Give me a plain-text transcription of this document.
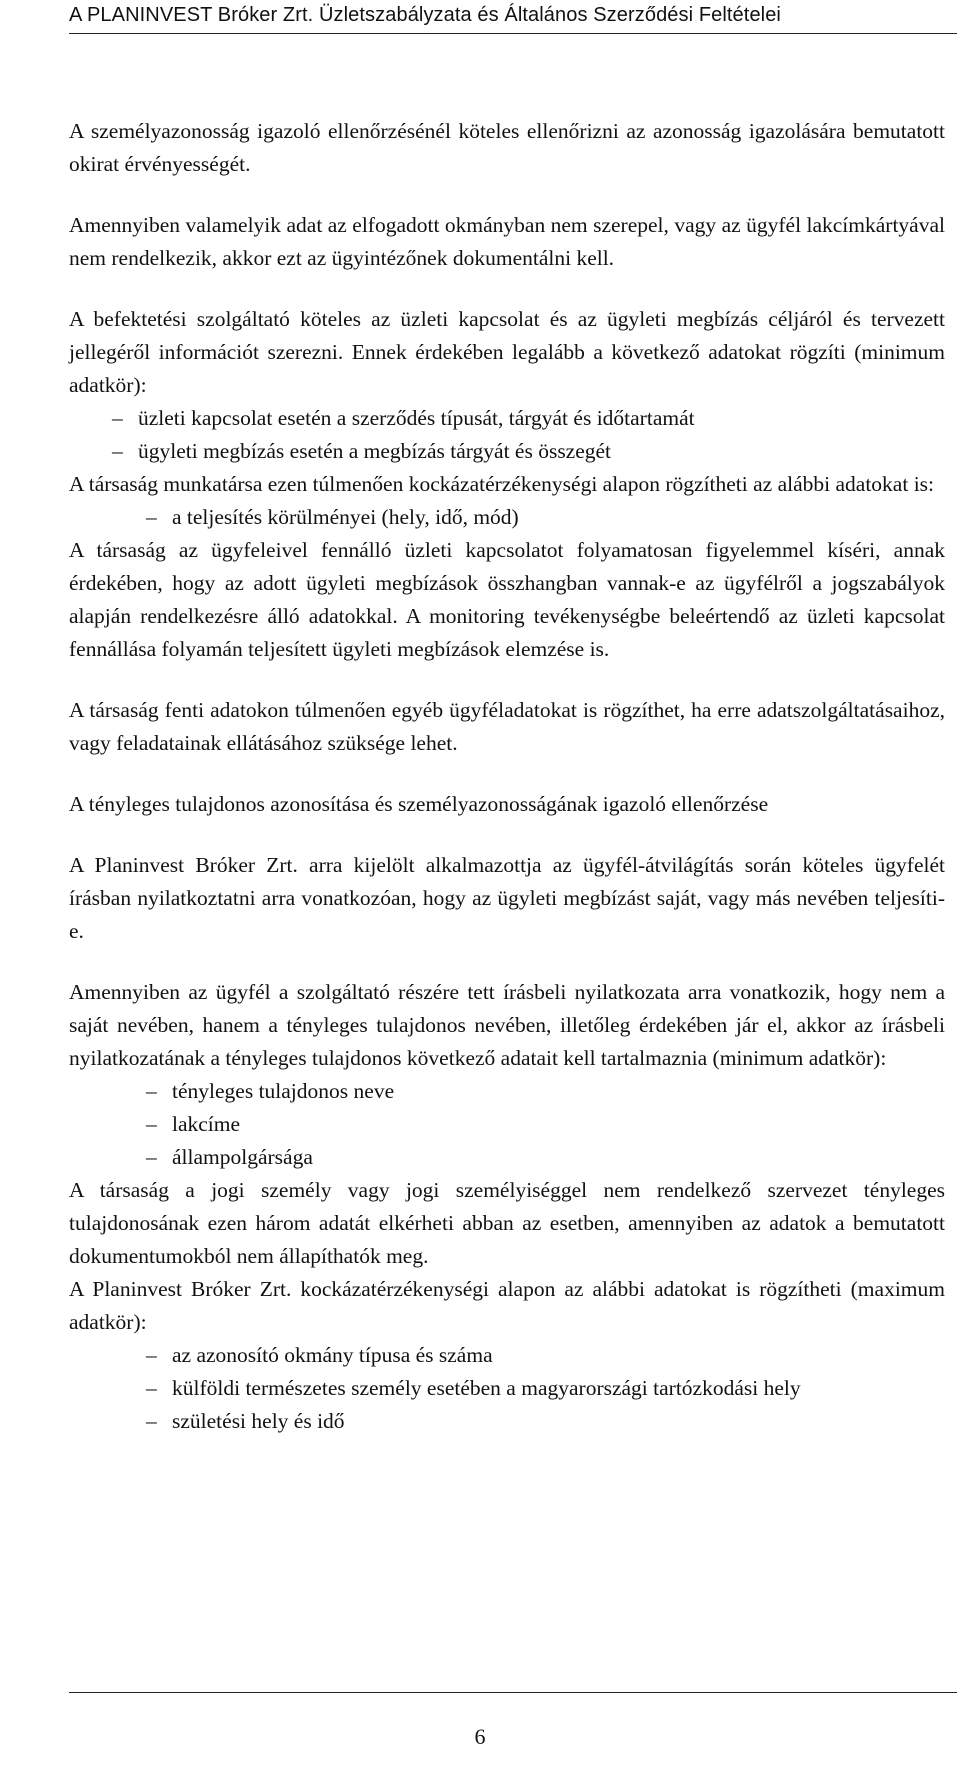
A PLANINVEST Bróker Zrt. Üzletszabályzata és Általános Szerződési Feltételei

A személyazonosság igazoló ellenőrzésénél köteles ellenőrizni az azonosság igazolására bemutatott okirat érvényességét.

Amennyiben valamelyik adat az elfogadott okmányban nem szerepel, vagy az ügyfél lakcímkártyával nem rendelkezik, akkor ezt az ügyintézőnek dokumentálni kell.

A befektetési szolgáltató köteles az üzleti kapcsolat és az ügyleti megbízás céljáról és tervezett jellegéről információt szerezni. Ennek érdekében legalább a következő adatokat rögzíti (minimum adatkör):

– üzleti kapcsolat esetén a szerződés típusát, tárgyát és időtartamát
– ügyleti megbízás esetén a megbízás tárgyát és összegét

A társaság munkatársa ezen túlmenően kockázatérzékenységi alapon rögzítheti az alábbi adatokat is:

– a teljesítés körülményei (hely, idő, mód)

A társaság az ügyfeleivel fennálló üzleti kapcsolatot folyamatosan figyelemmel kíséri, annak érdekében, hogy az adott ügyleti megbízások összhangban vannak-e az ügyfélről a jogszabályok alapján rendelkezésre álló adatokkal. A monitoring tevékenységbe beleértendő az üzleti kapcsolat fennállása folyamán teljesített ügyleti megbízások elemzése is.

A társaság fenti adatokon túlmenően egyéb ügyféladatokat is rögzíthet, ha erre adatszolgáltatásaihoz, vagy feladatainak ellátásához szüksége lehet.

A tényleges tulajdonos azonosítása és személyazonosságának igazoló ellenőrzése

A Planinvest Bróker Zrt. arra kijelölt alkalmazottja az ügyfél-átvilágítás során köteles ügyfelét írásban nyilatkoztatni arra vonatkozóan, hogy az ügyleti megbízást saját, vagy más nevében teljesíti-e.

Amennyiben az ügyfél a szolgáltató részére tett írásbeli nyilatkozata arra vonatkozik, hogy nem a saját nevében, hanem a tényleges tulajdonos nevében, illetőleg érdekében jár el, akkor az írásbeli nyilatkozatának a tényleges tulajdonos következő adatait kell tartalmaznia (minimum adatkör):

– tényleges tulajdonos neve
– lakcíme
– állampolgársága

A társaság a jogi személy vagy jogi személyiséggel nem rendelkező szervezet tényleges tulajdonosának ezen három adatát elkérheti abban az esetben, amennyiben az adatok a bemutatott dokumentumokból nem állapíthatók meg.

A Planinvest Bróker Zrt. kockázatérzékenységi alapon az alábbi adatokat is rögzítheti (maximum adatkör):

– az azonosító okmány típusa és száma
– külföldi természetes személy esetében a magyarországi tartózkodási hely
– születési hely és idő
6
